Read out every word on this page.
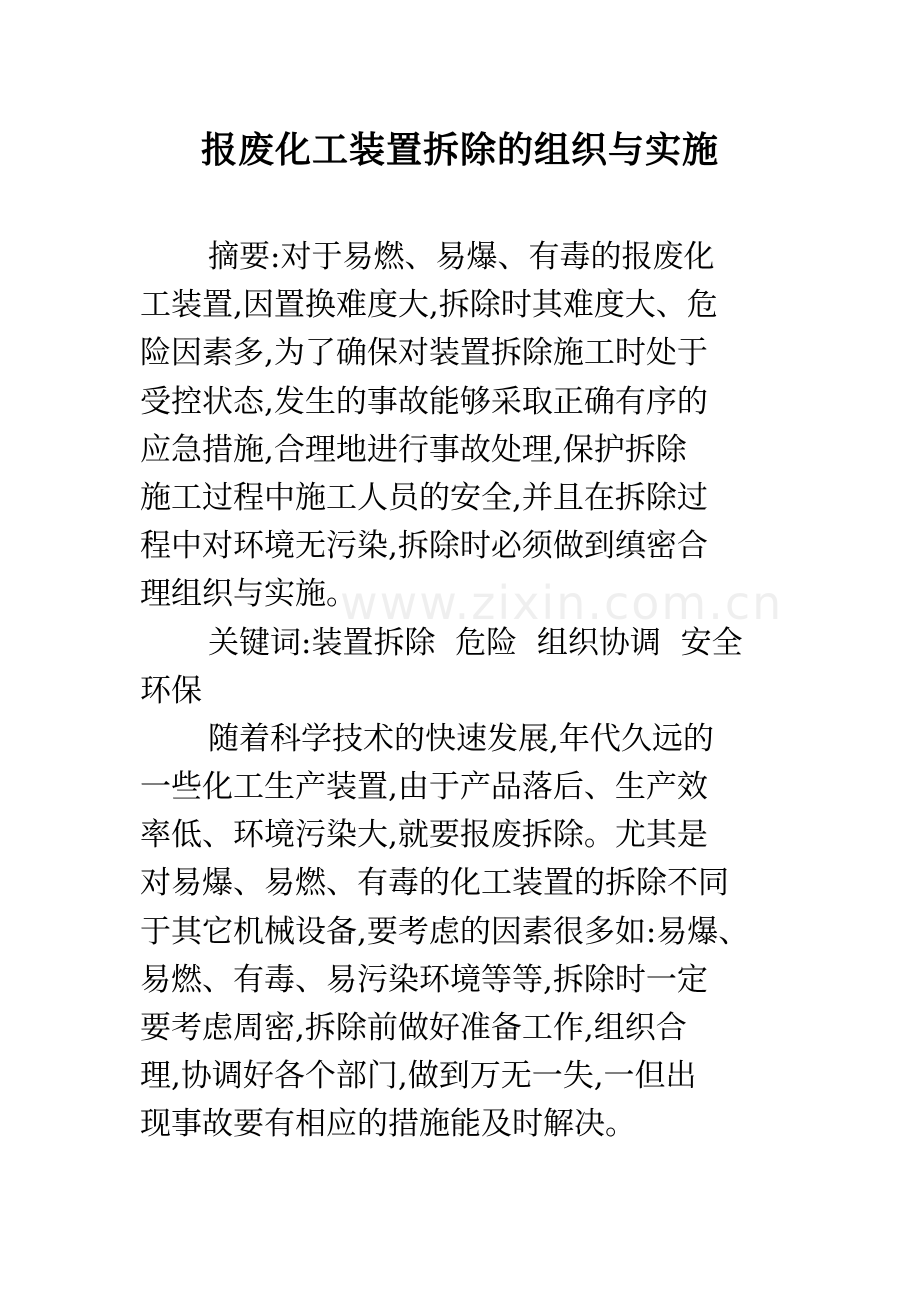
www.zixin.com.cn
报废化工装置拆除的组织与实施
摘要:对于易燃、易爆、有毒的报废化
工装置,因置换难度大,拆除时其难度大、危
险因素多,为了确保对装置拆除施工时处于
受控状态,发生的事故能够采取正确有序的
应急措施,合理地进行事故处理,保护拆除
施工过程中施工人员的安全,并且在拆除过
程中对环境无污染,拆除时必须做到缜密合
理组织与实施。
关键词:装置拆除  危险  组织协调  安全
环保
随着科学技术的快速发展,年代久远的
一些化工生产装置,由于产品落后、生产效
率低、环境污染大,就要报废拆除。尤其是
对易爆、易燃、有毒的化工装置的拆除不同
于其它机械设备,要考虑的因素很多如:易爆、
易燃、有毒、易污染环境等等,拆除时一定
要考虑周密,拆除前做好准备工作,组织合
理,协调好各个部门,做到万无一失,一但出
现事故要有相应的措施能及时解决。
